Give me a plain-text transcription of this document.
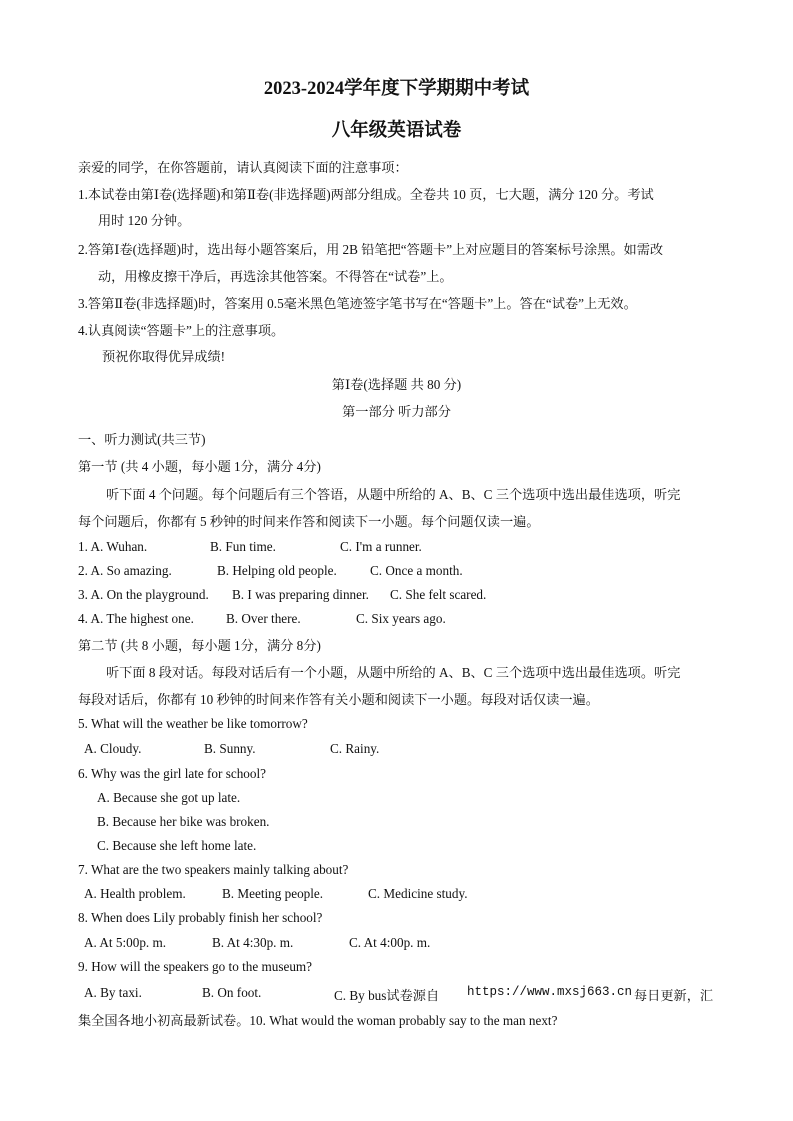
2023-2024学年度下学期期中考试
八年级英语试卷
亲爱的同学，在你答题前，请认真阅读下面的注意事项：
1.本试卷由第Ⅰ卷(选择题)和第Ⅱ卷(非选择题)两部分组成。全卷共 10 页，七大题，满分 120 分。考试
用时 120 分钟。
2.答第Ⅰ卷(选择题)时，选出每小题答案后，用 2B 铅笔把“答题卡”上对应题目的答案标号涂黑。如需改
动，用橡皮擦干净后，再选涂其他答案。不得答在“试卷”上。
3.答第Ⅱ卷(非选择题)时，答案用 0.5毫米黑色笔迹签字笔书写在“答题卡”上。答在“试卷”上无效。
4.认真阅读“答题卡”上的注意事项。
预祝你取得优异成绩!
第Ⅰ卷(选择题 共 80 分)
第一部分 听力部分
一、听力测试(共三节)
第一节 (共 4 小题，每小题 1分，满分 4分)
听下面 4 个问题。每个问题后有三个答语，从题中所给的 A、B、C 三个选项中选出最佳选项，听完
每个问题后，你都有 5 秒钟的时间来作答和阅读下一小题。每个问题仅读一遍。
1. A. Wuhan.	B. Fun time.	C. I'm a runner.
2. A. So amazing.	B. Helping old people.	C. Once a month.
3. A. On the playground. B. I was preparing dinner. C. She felt scared.
4. A. The highest one. B. Over there.	C. Six years ago.
第二节 (共 8 小题，每小题 1分，满分 8分)
听下面 8 段对话。每段对话后有一个小题，从题中所给的 A、B、C 三个选项中选出最佳选项。听完
每段对话后，你都有 10 秒钟的时间来作答有关小题和阅读下一小题。每段对话仅读一遍。
5. What will the weather be like tomorrow?
A. Cloudy.	B. Sunny.	C. Rainy.
6. Why was the girl late for school?
A. Because she got up late.
B. Because her bike was broken.
C. Because she left home late.
7. What are the two speakers mainly talking about?
A. Health problem.	B. Meeting people.	C. Medicine study.
8. When does Lily probably finish her school?
A. At 5:00p. m.	B. At 4:30p. m.	C. At 4:00p. m.
9. How will the speakers go to the museum?
A. By taxi.	B. On foot.	C. By bus试卷源自 https://www.mxsj663.cn 每日更新，汇
集全国各地小初高最新试卷。10. What would the woman probably say to the man next?
